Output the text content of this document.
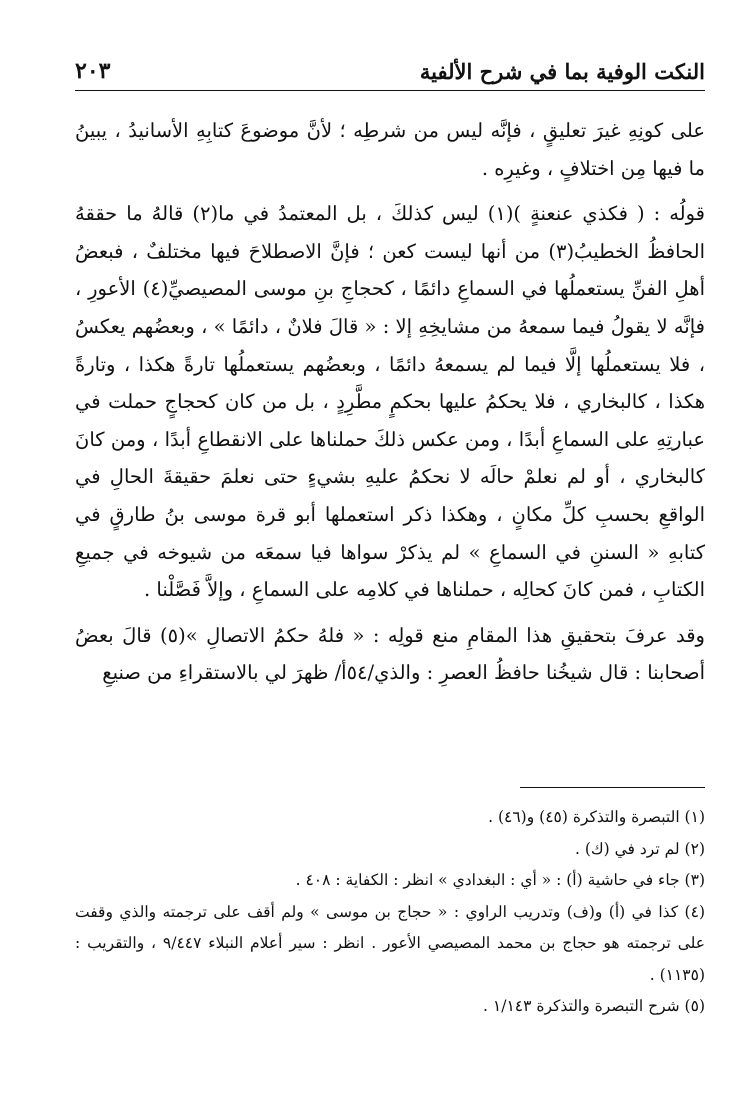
النكت الوفية بما في شرح الألفية
٢٠٣

على كونِهِ غيرَ تعليقٍ ، فإنَّه ليس من شرطِه ؛ لأنَّ موضوعَ كتابِهِ الأسانيدُ ، يبينُ ما فيها مِن اختلافٍ ، وغيرِه .

قولُه : ( فكذي عنعنةٍ )(١) ليس كذلكَ ، بل المعتمدُ في ما(٢) قالهُ ما حققهُ الحافظُ الخطيبُ(٣) من أنها ليست كعن ؛ فإنَّ الاصطلاحَ فيها مختلفٌ ، فبعضُ أهلِ الفنِّ يستعملُها في السماعِ دائمًا ، كحجاجِ بنِ موسى المصيصيِّ(٤) الأعورِ ، فإنَّه لا يقولُ فيما سمعهُ من مشايخِهِ إلا : « قالَ فلانٌ ، دائمًا » ، وبعضُهم يعكسُ ، فلا يستعملُها إلَّا فيما لم يسمعهُ دائمًا ، وبعضُهم يستعملُها تارةً هكذا ، وتارةً هكذا ، كالبخاري ، فلا يحكمُ عليها بحكمٍ مطَّرِدٍ ، بل من كان كحجاجٍ حملت في عبارتِهِ على السماعِ أبدًا ، ومن عكس ذلكَ حملناها على الانقطاعِ أبدًا ، ومن كانَ كالبخاري ، أو لم نعلمْ حالَه لا نحكمُ عليهِ بشيءٍ حتى نعلمَ حقيقةَ الحالِ في الواقعِ بحسبِ كلِّ مكانٍ ، وهكذا ذكر استعملها أبو قرة موسى بنُ طارقٍ في كتابهِ « السننِ في السماعِ » لم يذكرْ سواها فيا سمعَه من شيوخه في جميعِ الكتابِ ، فمن كانَ كحالِه ، حملناها في كلامِه على السماعِ ، وإلاَّ فَصَّلْنا .

وقد عرفَ بتحقيقِ هذا المقامِ منع قولِه : « فلهُ حكمُ الاتصالِ »(٥) قالَ بعضُ أصحابنا : قال شيخُنا حافظُ العصرِ : والذي/٥٤أ/ ظهرَ لي بالاستقراءِ من صنيعِ

(١) التبصرة والتذكرة (٤٥) و(٤٦) .

(٢) لم ترد في (ك) .

(٣) جاء في حاشية (أ) : « أي : البغدادي » انظر : الكفاية : ٤٠٨ .

(٤) كذا في (أ) و(ف) وتدريب الراوي : « حجاج بن موسى » ولم أقف على ترجمته والذي وقفت على ترجمته هو حجاج بن محمد المصيصي الأعور . انظر : سير أعلام النبلاء ٩/٤٤٧ ، والتقريب : (١١٣٥) .

(٥) شرح التبصرة والتذكرة ١/١٤٣ .
